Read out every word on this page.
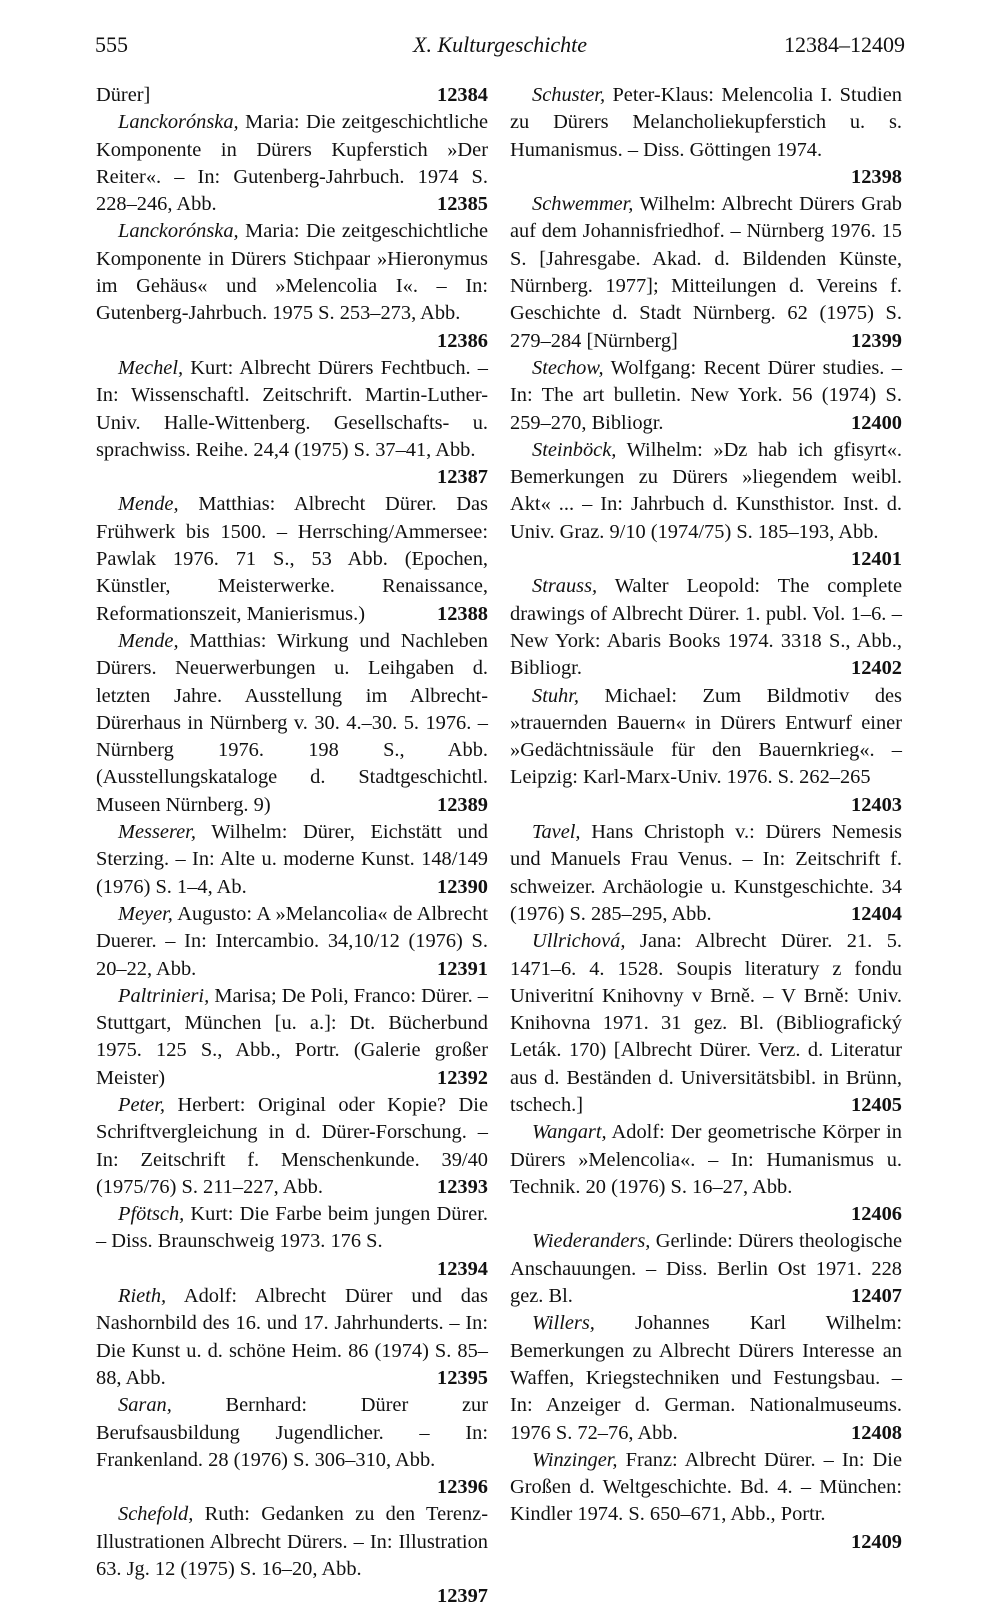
555	X. Kulturgeschichte	12384–12409

Dürer]	12384

Lanckorónska, Maria: Die zeitgeschichtliche Komponente in Dürers Kupferstich »Der Reiter«. – In: Gutenberg-Jahrbuch. 1974 S. 228–246, Abb.	12385

Lanckorónska, Maria: Die zeitgeschichtliche Komponente in Dürers Stichpaar »Hieronymus im Gehäus« und »Melencolia I«. – In: Gutenberg-Jahrbuch. 1975 S. 253–273, Abb.
12386

Mechel, Kurt: Albrecht Dürers Fechtbuch. – In: Wissenschaftl. Zeitschrift. Martin-Luther-Univ. Halle-Wittenberg. Gesellschafts- u. sprachwiss. Reihe. 24,4 (1975) S. 37–41, Abb.
12387

Mende, Matthias: Albrecht Dürer. Das Frühwerk bis 1500. – Herrsching/Ammersee: Pawlak 1976. 71 S., 53 Abb. (Epochen, Künstler, Meisterwerke. Renaissance, Reformationszeit, Manierismus.)	12388

Mende, Matthias: Wirkung und Nachleben Dürers. Neuerwerbungen u. Leihgaben d. letzten Jahre. Ausstellung im Albrecht-Dürerhaus in Nürnberg v. 30. 4.–30. 5. 1976. – Nürnberg 1976. 198 S., Abb. (Ausstellungskataloge d. Stadtgeschichtl. Museen Nürnberg. 9)	12389

Messerer, Wilhelm: Dürer, Eichstätt und Sterzing. – In: Alte u. moderne Kunst. 148/149 (1976) S. 1–4, Ab.	12390

Meyer, Augusto: A »Melancolia« de Albrecht Duerer. – In: Intercambio. 34,10/12 (1976) S. 20–22, Abb.	12391

Paltrinieri, Marisa; De Poli, Franco: Dürer. – Stuttgart, München [u. a.]: Dt. Bücherbund 1975. 125 S., Abb., Portr. (Galerie großer Meister)	12392

Peter, Herbert: Original oder Kopie? Die Schriftvergleichung in d. Dürer-Forschung. – In: Zeitschrift f. Menschenkunde. 39/40 (1975/76) S. 211–227, Abb.	12393

Pfötsch, Kurt: Die Farbe beim jungen Dürer. – Diss. Braunschweig 1973. 176 S.
12394

Rieth, Adolf: Albrecht Dürer und das Nashornbild des 16. und 17. Jahrhunderts. – In: Die Kunst u. d. schöne Heim. 86 (1974) S. 85–88, Abb.	12395

Saran, Bernhard: Dürer zur Berufsausbildung Jugendlicher. – In: Frankenland. 28 (1976) S. 306–310, Abb.
12396

Schefold, Ruth: Gedanken zu den Terenz-Illustrationen Albrecht Dürers. – In: Illustration 63. Jg. 12 (1975) S. 16–20, Abb.
12397

Schuster, Peter-Klaus: Melencolia I. Studien zu Dürers Melancholiekupferstich u. s. Humanismus. – Diss. Göttingen 1974.
12398

Schwemmer, Wilhelm: Albrecht Dürers Grab auf dem Johannisfriedhof. – Nürnberg 1976. 15 S. [Jahresgabe. Akad. d. Bildenden Künste, Nürnberg. 1977]; Mitteilungen d. Vereins f. Geschichte d. Stadt Nürnberg. 62 (1975) S. 279–284 [Nürnberg]	12399

Stechow, Wolfgang: Recent Dürer studies. – In: The art bulletin. New York. 56 (1974) S. 259–270, Bibliogr.	12400

Steinböck, Wilhelm: »Dz hab ich gfisyrt«. Bemerkungen zu Dürers »liegendem weibl. Akt« ... – In: Jahrbuch d. Kunsthistor. Inst. d. Univ. Graz. 9/10 (1974/75) S. 185–193, Abb.
12401

Strauss, Walter Leopold: The complete drawings of Albrecht Dürer. 1. publ. Vol. 1–6. – New York: Abaris Books 1974. 3318 S., Abb., Bibliogr.	12402

Stuhr, Michael: Zum Bildmotiv des »trauernden Bauern« in Dürers Entwurf einer »Gedächtnissäule für den Bauernkrieg«. – Leipzig: Karl-Marx-Univ. 1976. S. 262–265
12403

Tavel, Hans Christoph v.: Dürers Nemesis und Manuels Frau Venus. – In: Zeitschrift f. schweizer. Archäologie u. Kunstgeschichte. 34 (1976) S. 285–295, Abb.	12404

Ullrichová, Jana: Albrecht Dürer. 21. 5. 1471–6. 4. 1528. Soupis literatury z fondu Univeritní Knihovny v Brně. – V Brně: Univ. Knihovna 1971. 31 gez. Bl. (Bibliografický Leták. 170) [Albrecht Dürer. Verz. d. Literatur aus d. Beständen d. Universitätsbibl. in Brünn, tschech.]	12405

Wangart, Adolf: Der geometrische Körper in Dürers »Melencolia«. – In: Humanismus u. Technik. 20 (1976) S. 16–27, Abb.
12406

Wiederanders, Gerlinde: Dürers theologische Anschauungen. – Diss. Berlin Ost 1971. 228 gez. Bl.	12407

Willers, Johannes Karl Wilhelm: Bemerkungen zu Albrecht Dürers Interesse an Waffen, Kriegstechniken und Festungsbau. – In: Anzeiger d. German. Nationalmuseums. 1976 S. 72–76, Abb.	12408

Winzinger, Franz: Albrecht Dürer. – In: Die Großen d. Weltgeschichte. Bd. 4. – München: Kindler 1974. S. 650–671, Abb., Portr.
12409
